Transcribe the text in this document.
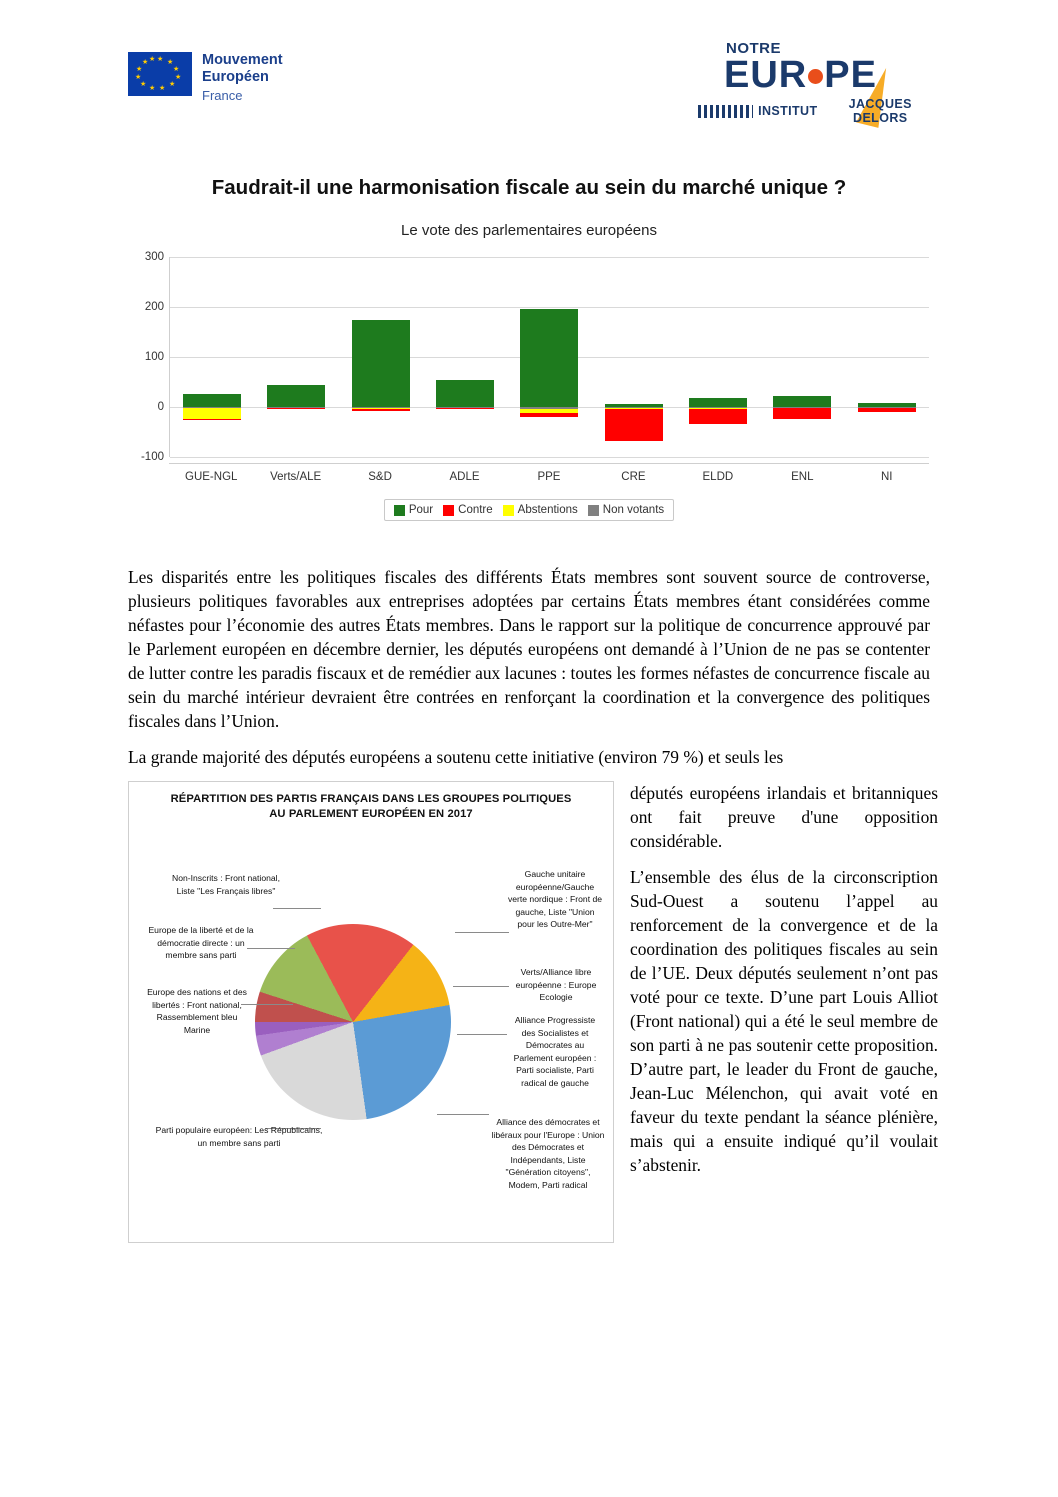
★ ★
★
★
★
★
★
★
★
★
★ ★	Mouvement
Européen
France
NOTRE
EUR PE
INSTITUT	JACQUES DELORS
Faudrait-il une harmonisation fiscale au sein du marché unique ?
Le vote des parlementaires européens
-100
0
100
200
300
GUE-NGL	Verts/ALE	S&D	ADLE	PPE	CRE	ELDD	ENL	NI
Pour Contre Abstentions Non votants

Les disparités entre les politiques fiscales des différents États membres sont souvent source de controverse, plusieurs politiques favorables aux entreprises adoptées par certains États membres étant considérées comme néfastes pour l’économie des autres États membres. Dans le rapport sur la politique de concurrence approuvé par le Parlement européen en décembre dernier, les députés européens ont demandé à l’Union de ne pas se contenter de lutter contre les paradis fiscaux et de remédier aux lacunes : toutes les formes néfastes de concurrence fiscale au sein du marché intérieur devraient être contrées en renforçant la coordination et la convergence des politiques fiscales dans l’Union.

La grande majorité des députés européens a soutenu cette initiative (environ 79 %) et seuls les

RÉPARTITION DES PARTIS FRANÇAIS DANS LES GROUPES POLITIQUES
AU PARLEMENT EUROPÉEN EN 2017
Gauche unitaire européenne/Gauche verte nordique : Front de gauche, Liste "Union pour les Outre-Mer"
Verts/Alliance libre européenne : Europe Ecologie
Alliance Progressiste des Socialistes et Démocrates au Parlement européen : Parti socialiste, Parti radical de gauche
Alliance des démocrates et libéraux pour l'Europe : Union des Démocrates et Indépendants, Liste "Génération citoyens", Modem, Parti radical
Parti populaire européen: Les Républicains, un membre sans parti
Europe des nations et des libertés : Front national, Rassemblement bleu Marine
Europe de la liberté et de la démocratie directe : un membre sans parti
Non-Inscrits : Front national, Liste "Les Français libres"

députés européens irlandais et britanniques ont fait preuve d'une opposition considérable.

L’ensemble des élus de la circonscription Sud-Ouest a soutenu l’appel au renforcement de la convergence et de la coordination des politiques fiscales au sein de l’UE. Deux députés seulement n’ont pas voté pour ce texte. D’une part Louis Alliot (Front national) qui a été le seul membre de son parti à ne pas soutenir cette proposition. D’autre part, le leader du Front de gauche, Jean-Luc Mélenchon, qui avait voté en faveur du texte pendant la séance plénière, mais qui a ensuite indiqué qu’il voulait s’abstenir.
